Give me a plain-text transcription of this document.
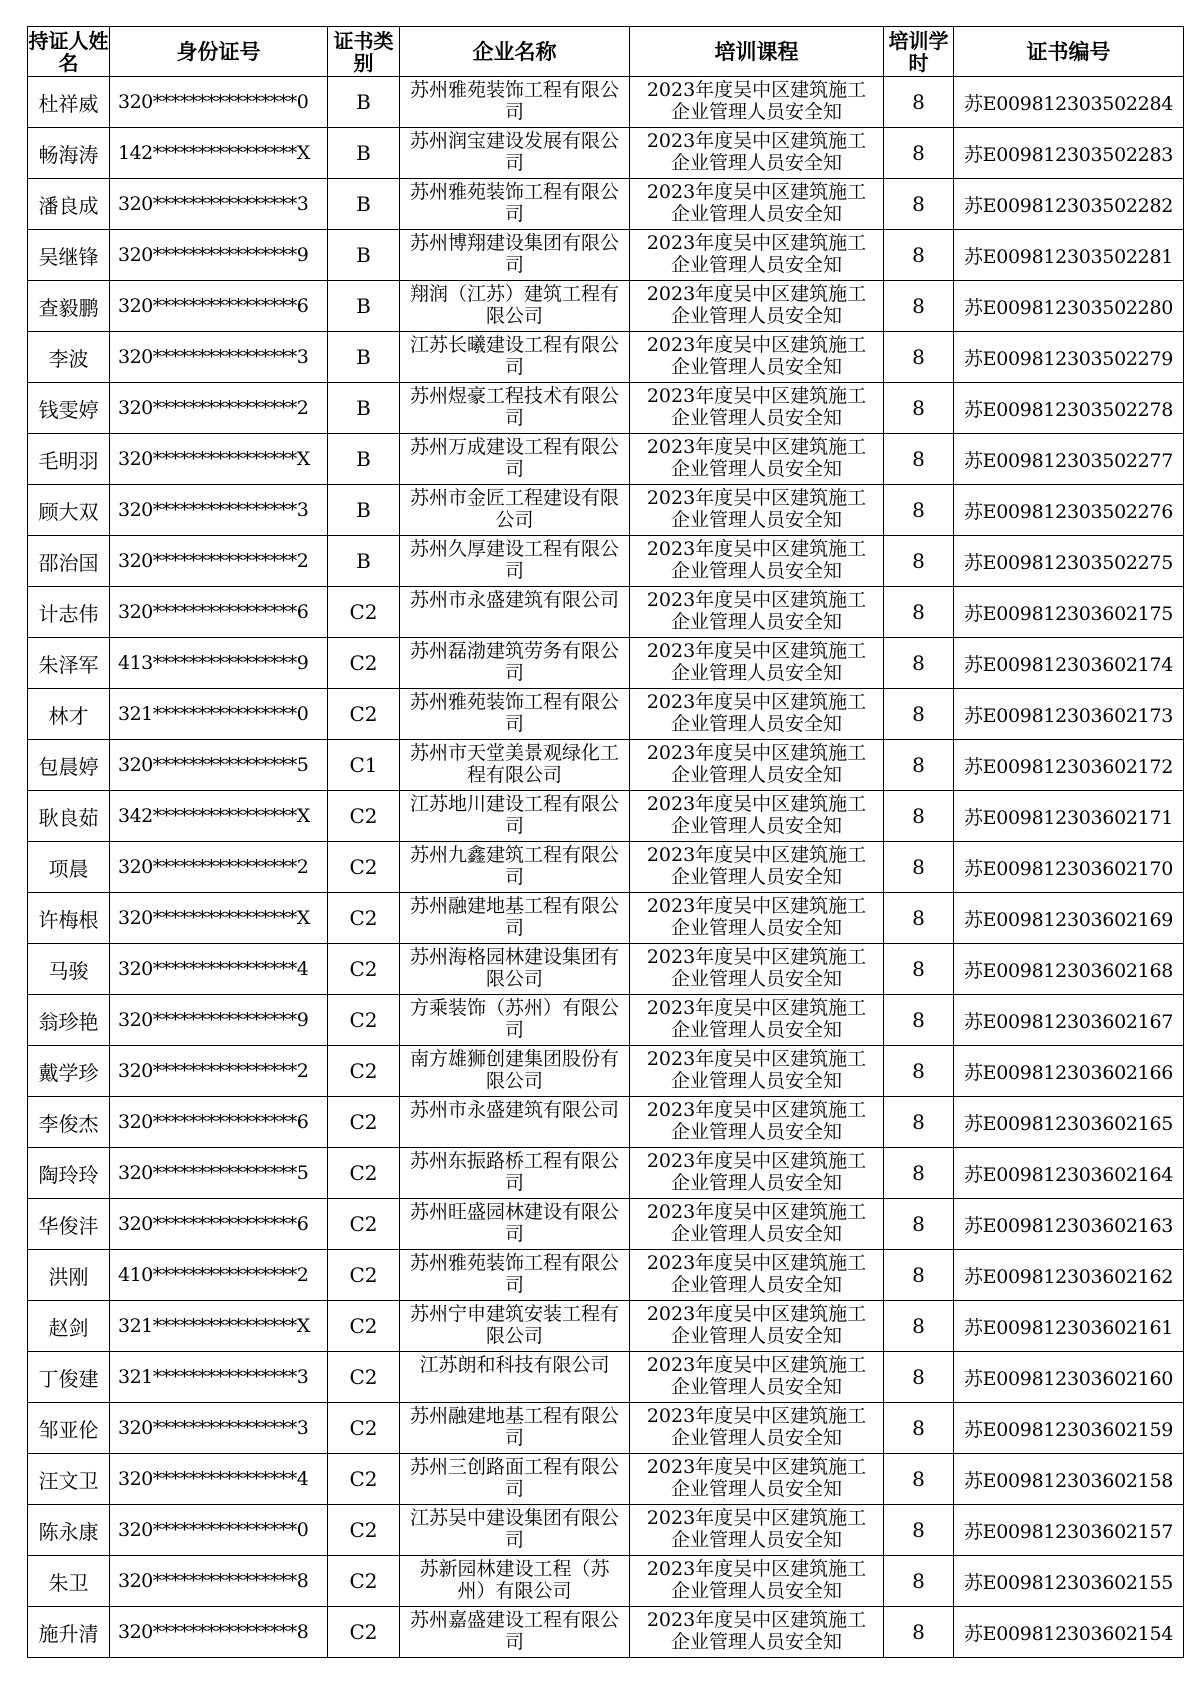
持证人姓名	身份证号	证书类别	企业名称	培训课程	培训学时	证书编号
杜祥威	320****************0	B	苏州雅苑装饰工程有限公司	2023年度吴中区建筑施工企业管理人员安全知	8	苏E009812303502284
畅海涛	142****************X	B	苏州润宝建设发展有限公司	2023年度吴中区建筑施工企业管理人员安全知	8	苏E009812303502283
潘良成	320****************3	B	苏州雅苑装饰工程有限公司	2023年度吴中区建筑施工企业管理人员安全知	8	苏E009812303502282
吴继锋	320****************9	B	苏州博翔建设集团有限公司	2023年度吴中区建筑施工企业管理人员安全知	8	苏E009812303502281
查毅鹏	320****************6	B	翔润（江苏）建筑工程有限公司	2023年度吴中区建筑施工企业管理人员安全知	8	苏E009812303502280
李波	320****************3	B	江苏长曦建设工程有限公司	2023年度吴中区建筑施工企业管理人员安全知	8	苏E009812303502279
钱雯婷	320****************2	B	苏州煜豪工程技术有限公司	2023年度吴中区建筑施工企业管理人员安全知	8	苏E009812303502278
毛明羽	320****************X	B	苏州万成建设工程有限公司	2023年度吴中区建筑施工企业管理人员安全知	8	苏E009812303502277
顾大双	320****************3	B	苏州市金匠工程建设有限公司	2023年度吴中区建筑施工企业管理人员安全知	8	苏E009812303502276
邵治国	320****************2	B	苏州久厚建设工程有限公司	2023年度吴中区建筑施工企业管理人员安全知	8	苏E009812303502275
计志伟	320****************6	C2	苏州市永盛建筑有限公司	2023年度吴中区建筑施工企业管理人员安全知	8	苏E009812303602175
朱泽军	413****************9	C2	苏州磊渤建筑劳务有限公司	2023年度吴中区建筑施工企业管理人员安全知	8	苏E009812303602174
林才	321****************0	C2	苏州雅苑装饰工程有限公司	2023年度吴中区建筑施工企业管理人员安全知	8	苏E009812303602173
包晨婷	320****************5	C1	苏州市天堂美景观绿化工程有限公司	2023年度吴中区建筑施工企业管理人员安全知	8	苏E009812303602172
耿良茹	342****************X	C2	江苏地川建设工程有限公司	2023年度吴中区建筑施工企业管理人员安全知	8	苏E009812303602171
项晨	320****************2	C2	苏州九鑫建筑工程有限公司	2023年度吴中区建筑施工企业管理人员安全知	8	苏E009812303602170
许梅根	320****************X	C2	苏州融建地基工程有限公司	2023年度吴中区建筑施工企业管理人员安全知	8	苏E009812303602169
马骏	320****************4	C2	苏州海格园林建设集团有限公司	2023年度吴中区建筑施工企业管理人员安全知	8	苏E009812303602168
翁珍艳	320****************9	C2	方乘装饰（苏州）有限公司	2023年度吴中区建筑施工企业管理人员安全知	8	苏E009812303602167
戴学珍	320****************2	C2	南方雄狮创建集团股份有限公司	2023年度吴中区建筑施工企业管理人员安全知	8	苏E009812303602166
李俊杰	320****************6	C2	苏州市永盛建筑有限公司	2023年度吴中区建筑施工企业管理人员安全知	8	苏E009812303602165
陶玲玲	320****************5	C2	苏州东振路桥工程有限公司	2023年度吴中区建筑施工企业管理人员安全知	8	苏E009812303602164
华俊沣	320****************6	C2	苏州旺盛园林建设有限公司	2023年度吴中区建筑施工企业管理人员安全知	8	苏E009812303602163
洪刚	410****************2	C2	苏州雅苑装饰工程有限公司	2023年度吴中区建筑施工企业管理人员安全知	8	苏E009812303602162
赵剑	321****************X	C2	苏州宁申建筑安装工程有限公司	2023年度吴中区建筑施工企业管理人员安全知	8	苏E009812303602161
丁俊建	321****************3	C2	江苏朗和科技有限公司	2023年度吴中区建筑施工企业管理人员安全知	8	苏E009812303602160
邹亚伦	320****************3	C2	苏州融建地基工程有限公司	2023年度吴中区建筑施工企业管理人员安全知	8	苏E009812303602159
汪文卫	320****************4	C2	苏州三创路面工程有限公司	2023年度吴中区建筑施工企业管理人员安全知	8	苏E009812303602158
陈永康	320****************0	C2	江苏吴中建设集团有限公司	2023年度吴中区建筑施工企业管理人员安全知	8	苏E009812303602157
朱卫	320****************8	C2	苏新园林建设工程（苏州）有限公司	2023年度吴中区建筑施工企业管理人员安全知	8	苏E009812303602155
施升清	320****************8	C2	苏州嘉盛建设工程有限公司	2023年度吴中区建筑施工企业管理人员安全知	8	苏E009812303602154
